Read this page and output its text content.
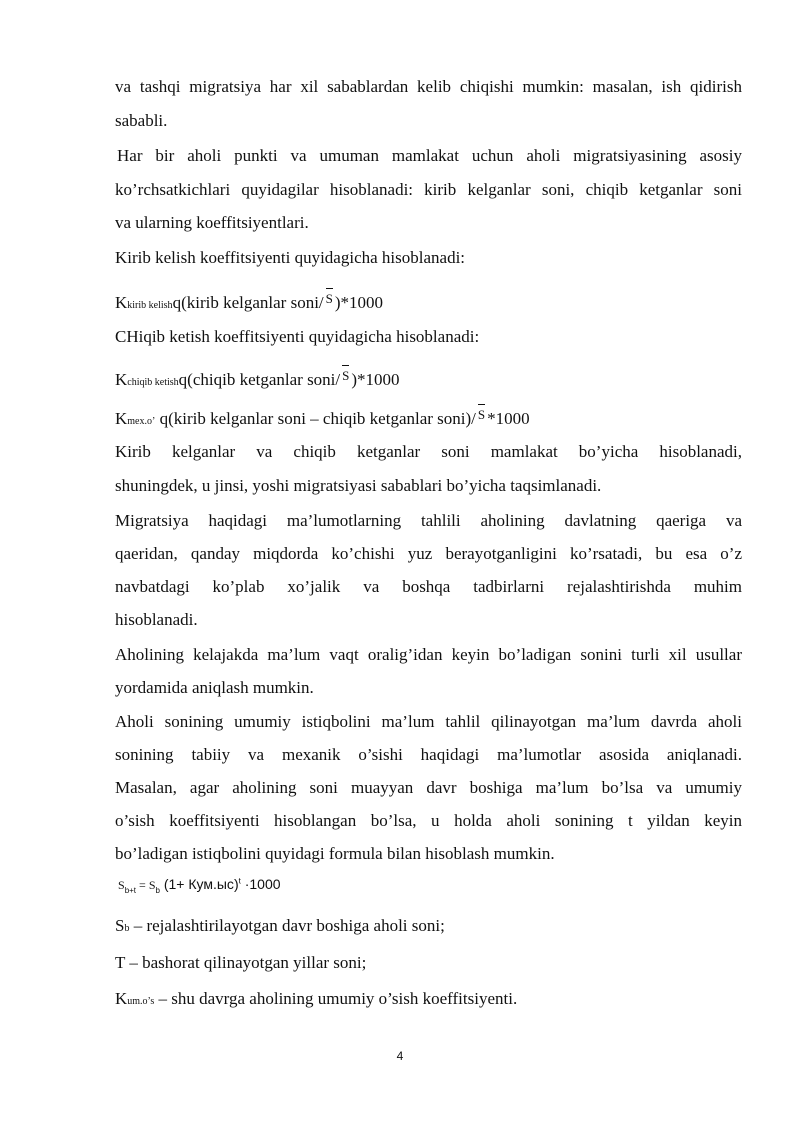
va tashqi migratsiya har xil sabablardan kelib chiqishi mumkin: masalan, ish qidirish
sababli.
Har bir aholi punkti va umuman mamlakat uchun aholi migratsiyasining asosiy
ko’rchsatkichlari quyidagilar hisoblanadi: kirib kelganlar soni, chiqib ketganlar soni
va ularning koeffitsiyentlari.
Kirib kelish koeffitsiyenti quyidagicha hisoblanadi:
Kkirib kelishq(kirib kelganlar soni/ S )*1000
CHiqib ketish koeffitsiyenti quyidagicha hisoblanadi:
Kchiqib ketishq(chiqib ketganlar soni/ S )*1000
Kmex.o’ q(kirib kelganlar soni – chiqib ketganlar soni)/ S *1000
Kirib kelganlar va chiqib ketganlar soni mamlakat bo’yicha hisoblanadi,
shuningdek, u jinsi, yoshi migratsiyasi sabablari bo’yicha taqsimlanadi.
Migratsiya haqidagi ma’lumotlarning tahlili aholining davlatning qaeriga va
qaeridan, qanday miqdorda ko’chishi yuz berayotganligini ko’rsatadi, bu esa o’z
navbatdagi ko’plab xo’jalik va boshqa tadbirlarni rejalashtirishda muhim
hisoblanadi.
Aholining kelajakda ma’lum vaqt oralig’idan keyin bo’ladigan sonini turli xil usullar
yordamida aniqlash mumkin.
Aholi sonining umumiy istiqbolini ma’lum tahlil qilinayotgan ma’lum davrda aholi
sonining tabiiy va mexanik o’sishi haqidagi ma’lumotlar asosida aniqlanadi.
Masalan, agar aholining soni muayyan davr boshiga ma’lum bo’lsa va umumiy
o’sish koeffitsiyenti hisoblangan bo’lsa, u holda aholi sonining t yildan keyin
bo’ladigan istiqbolini quyidagi formula bilan hisoblash mumkin.
$S_{b+t} = S_b$ $(1+ Кум.ыс)^t \cdot 1000$
Sb – rejalashtirilayotgan davr boshiga aholi soni;
T – bashorat qilinayotgan yillar soni;
Kum.o’s – shu davrga aholining umumiy o’sish koeffitsiyenti.
4
